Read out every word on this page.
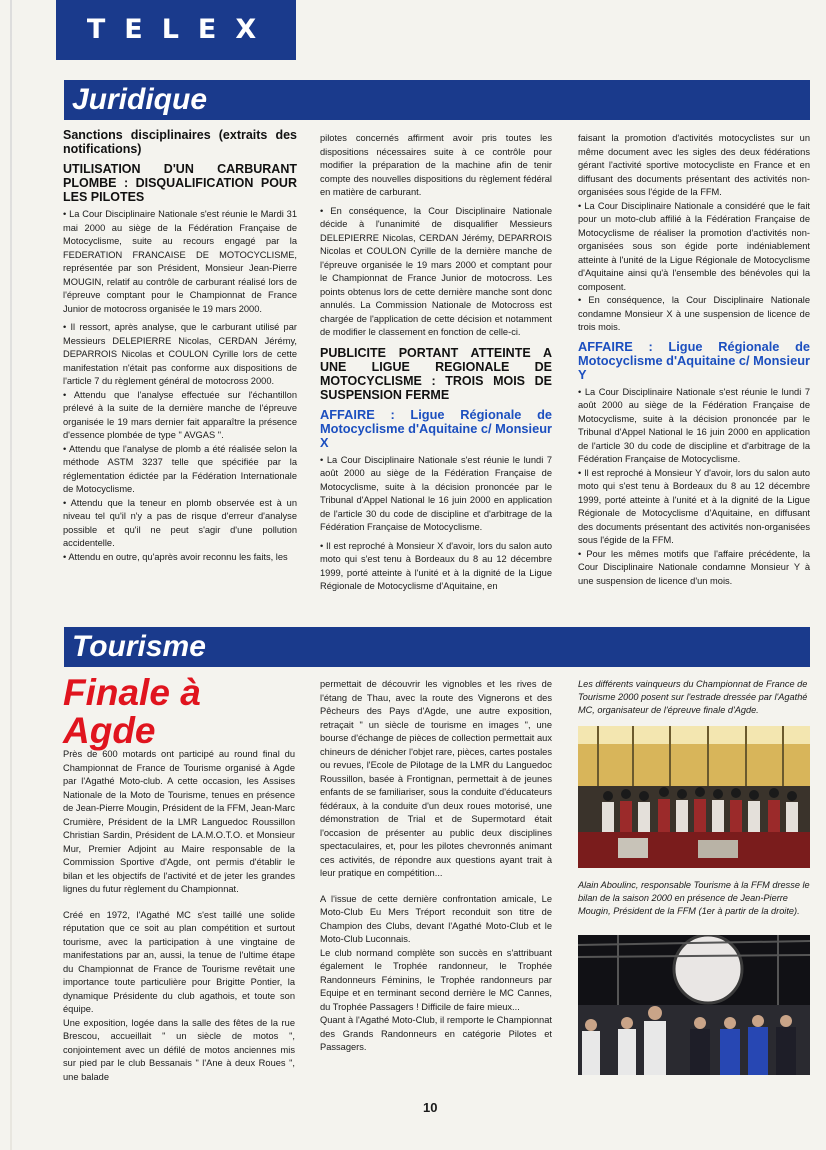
TELEX
Juridique
Sanctions disciplinaires (extraits des notifications)
UTILISATION D'UN CARBURANT PLOMBE : DISQUALIFICATION POUR LES PILOTES

• La Cour Disciplinaire Nationale s'est réunie le Mardi 31 mai 2000 au siège de la Fédération Française de Motocyclisme, suite au recours engagé par la FEDERATION FRANCAISE DE MOTOCYCLISME, représentée par son Président, Monsieur Jean-Pierre MOUGIN, relatif au contrôle de carburant réalisé lors de l'épreuve comptant pour le Championnat de France Junior de motocross organisée le 19 mars 2000.

• Il ressort, après analyse, que le carburant utilisé par Messieurs DELEPIERRE Nicolas, CERDAN Jérémy, DEPARROIS Nicolas et COULON Cyrille lors de cette manifestation n'était pas conforme aux dispositions de l'article 7 du règlement général de motocross 2000.

• Attendu que l'analyse effectuée sur l'échantillon prélevé à la suite de la dernière manche de l'épreuve organisée le 19 mars dernier fait apparaître la présence d'essence plombée de type " AVGAS ".

• Attendu que l'analyse de plomb a été réalisée selon la méthode ASTM 3237 telle que spécifiée par la réglementation édictée par la Fédération Internationale de Motocyclisme.

• Attendu que la teneur en plomb observée est à un niveau tel qu'il n'y a pas de risque d'erreur d'analyse possible et qu'il ne peut s'agir d'une pollution accidentelle.

• Attendu en outre, qu'après avoir reconnu les faits, les

pilotes concernés affirment avoir pris toutes les dispositions nécessaires suite à ce contrôle pour modifier la préparation de la machine afin de tenir compte des nouvelles dispositions du règlement fédéral en matière de carburant.

• En conséquence, la Cour Disciplinaire Nationale décide à l'unanimité de disqualifier Messieurs DELEPIERRE Nicolas, CERDAN Jérémy, DEPARROIS Nicolas et COULON Cyrille de la dernière manche de l'épreuve organisée le 19 mars 2000 et comptant pour le Championnat de France Junior de motocross. Les points obtenus lors de cette dernière manche sont donc annulés. La Commission Nationale de Motocross est chargée de l'application de cette décision et notamment de modifier le classement en fonction de celle-ci.

PUBLICITE PORTANT ATTEINTE A UNE LIGUE REGIONALE DE MOTOCYCLISME : TROIS MOIS DE SUSPENSION FERME
AFFAIRE : Ligue Régionale de Motocyclisme d'Aquitaine c/ Monsieur X

• La Cour Disciplinaire Nationale s'est réunie le lundi 7 août 2000 au siège de la Fédération Française de Motocyclisme, suite à la décision prononcée par le Tribunal d'Appel National le 16 juin 2000 en application de l'article 30 du code de discipline et d'arbitrage de la Fédération Française de Motocyclisme.

• Il est reproché à Monsieur X d'avoir, lors du salon auto moto qui s'est tenu à Bordeaux du 8 au 12 décembre 1999, porté atteinte à l'unité et à la dignité de la Ligue Régionale de Motocyclisme d'Aquitaine, en

faisant la promotion d'activités motocyclistes sur un même document avec les sigles des deux fédérations gérant l'activité sportive motocycliste en France et en diffusant des documents présentant des activités non-organisées sous l'égide de la FFM.

• La Cour Disciplinaire Nationale a considéré que le fait pour un moto-club affilié à la Fédération Française de Motocyclisme de réaliser la promotion d'activités non-organisées sous son égide porte indéniablement atteinte à l'unité de la Ligue Régionale de Motocyclisme d'Aquitaine ainsi qu'à l'ensemble des bénévoles qui la composent.

• En conséquence, la Cour Disciplinaire Nationale condamne Monsieur X à une suspension de licence de trois mois.

AFFAIRE : Ligue Régionale de Motocyclisme d'Aquitaine c/ Monsieur Y

• La Cour Disciplinaire Nationale s'est réunie le lundi 7 août 2000 au siège de la Fédération Française de Motocyclisme, suite à la décision prononcée par le Tribunal d'Appel National le 16 juin 2000 en application de l'article 30 du code de discipline et d'arbitrage de la Fédération Française de Motocyclisme.

• Il est reproché à Monsieur Y d'avoir, lors du salon auto moto qui s'est tenu à Bordeaux du 8 au 12 décembre 1999, porté atteinte à l'unité et à la dignité de la Ligue Régionale de Motocyclisme d'Aquitaine, en diffusant des documents présentant des activités non-organisées sous l'égide de la FFM.

• Pour les mêmes motifs que l'affaire précédente, la Cour Disciplinaire Nationale condamne Monsieur Y à une suspension de licence d'un mois.

Tourisme
Finale à
Agde

Près de 600 motards ont participé au round final du Championnat de France de Tourisme organisé à Agde par l'Agathé Moto-club. A cette occasion, les Assises Nationale de la Moto de Tourisme, tenues en présence de Jean-Pierre Mougin, Président de la FFM, Jean-Marc Crumière, Président de la LMR Languedoc Roussillon Christian Sardin, Président de LA.M.O.T.O. et Monsieur Mur, Premier Adjoint au Maire responsable de la Commission Sportive d'Agde, ont permis d'établir le bilan et les objectifs de l'activité et de jeter les grandes lignes du futur règlement du Championnat.

Créé en 1972, l'Agathé MC s'est taillé une solide réputation que ce soit au plan compétition et surtout tourisme, avec la participation à une vingtaine de manifestations par an, aussi, la tenue de l'ultime étape du Championnat de France de Tourisme revêtait une importance toute particulière pour Brigitte Pontier, la dynamique Présidente du club agathois, et toute son équipe.

Une exposition, logée dans la salle des fêtes de la rue Brescou, accueillait " un siècle de motos ", conjointement avec un défilé de motos anciennes mis sur pied par le club Bessanais " l'Ane à deux Roues ", une balade

permettait de découvrir les vignobles et les rives de l'étang de Thau, avec la route des Vignerons et des Pêcheurs des Pays d'Agde, une autre exposition, retraçait " un siècle de tourisme en images ", une bourse d'échange de pièces de collection permettait aux chineurs de dénicher l'objet rare, pièces, cartes postales ou revues, l'Ecole de Pilotage de la LMR du Languedoc Roussillon, basée à Frontignan, permettait à de jeunes enfants de se familiariser, sous la conduite d'éducateurs fédéraux, à la conduite d'un deux roues motorisé, une démonstration de Trial et de Supermotard était l'occasion de présenter au public deux disciplines spectaculaires, et, pour les pilotes chevronnés animant ces activités, de répondre aux questions ayant trait à leur pratique en compétition...

A l'issue de cette dernière confrontation amicale, Le Moto-Club Eu Mers Tréport reconduit son titre de Champion des Clubs, devant l'Agathé Moto-Club et le Moto-Club Luconnais.

Le club normand complète son succès en s'attribuant également le Trophée randonneur, le Trophée Randonneurs Féminins, le Trophée randonneurs par Equipe et en terminant second derrière le MC Cannes, du Trophée Passagers ! Difficile de faire mieux...

Quant à l'Agathé Moto-Club, il remporte le Championnat des Grands Randonneurs en catégorie Pilotes et Passagers.

Les différents vainqueurs du Championnat de France de Tourisme 2000 posent sur l'estrade dressée par l'Agathé MC, organisateur de l'épreuve finale d'Agde.
Alain Aboulinc, responsable Tourisme à la FFM dresse le bilan de la saison 2000 en présence de Jean-Pierre Mougin, Président de la FFM (1er à partir de la droite).
10
